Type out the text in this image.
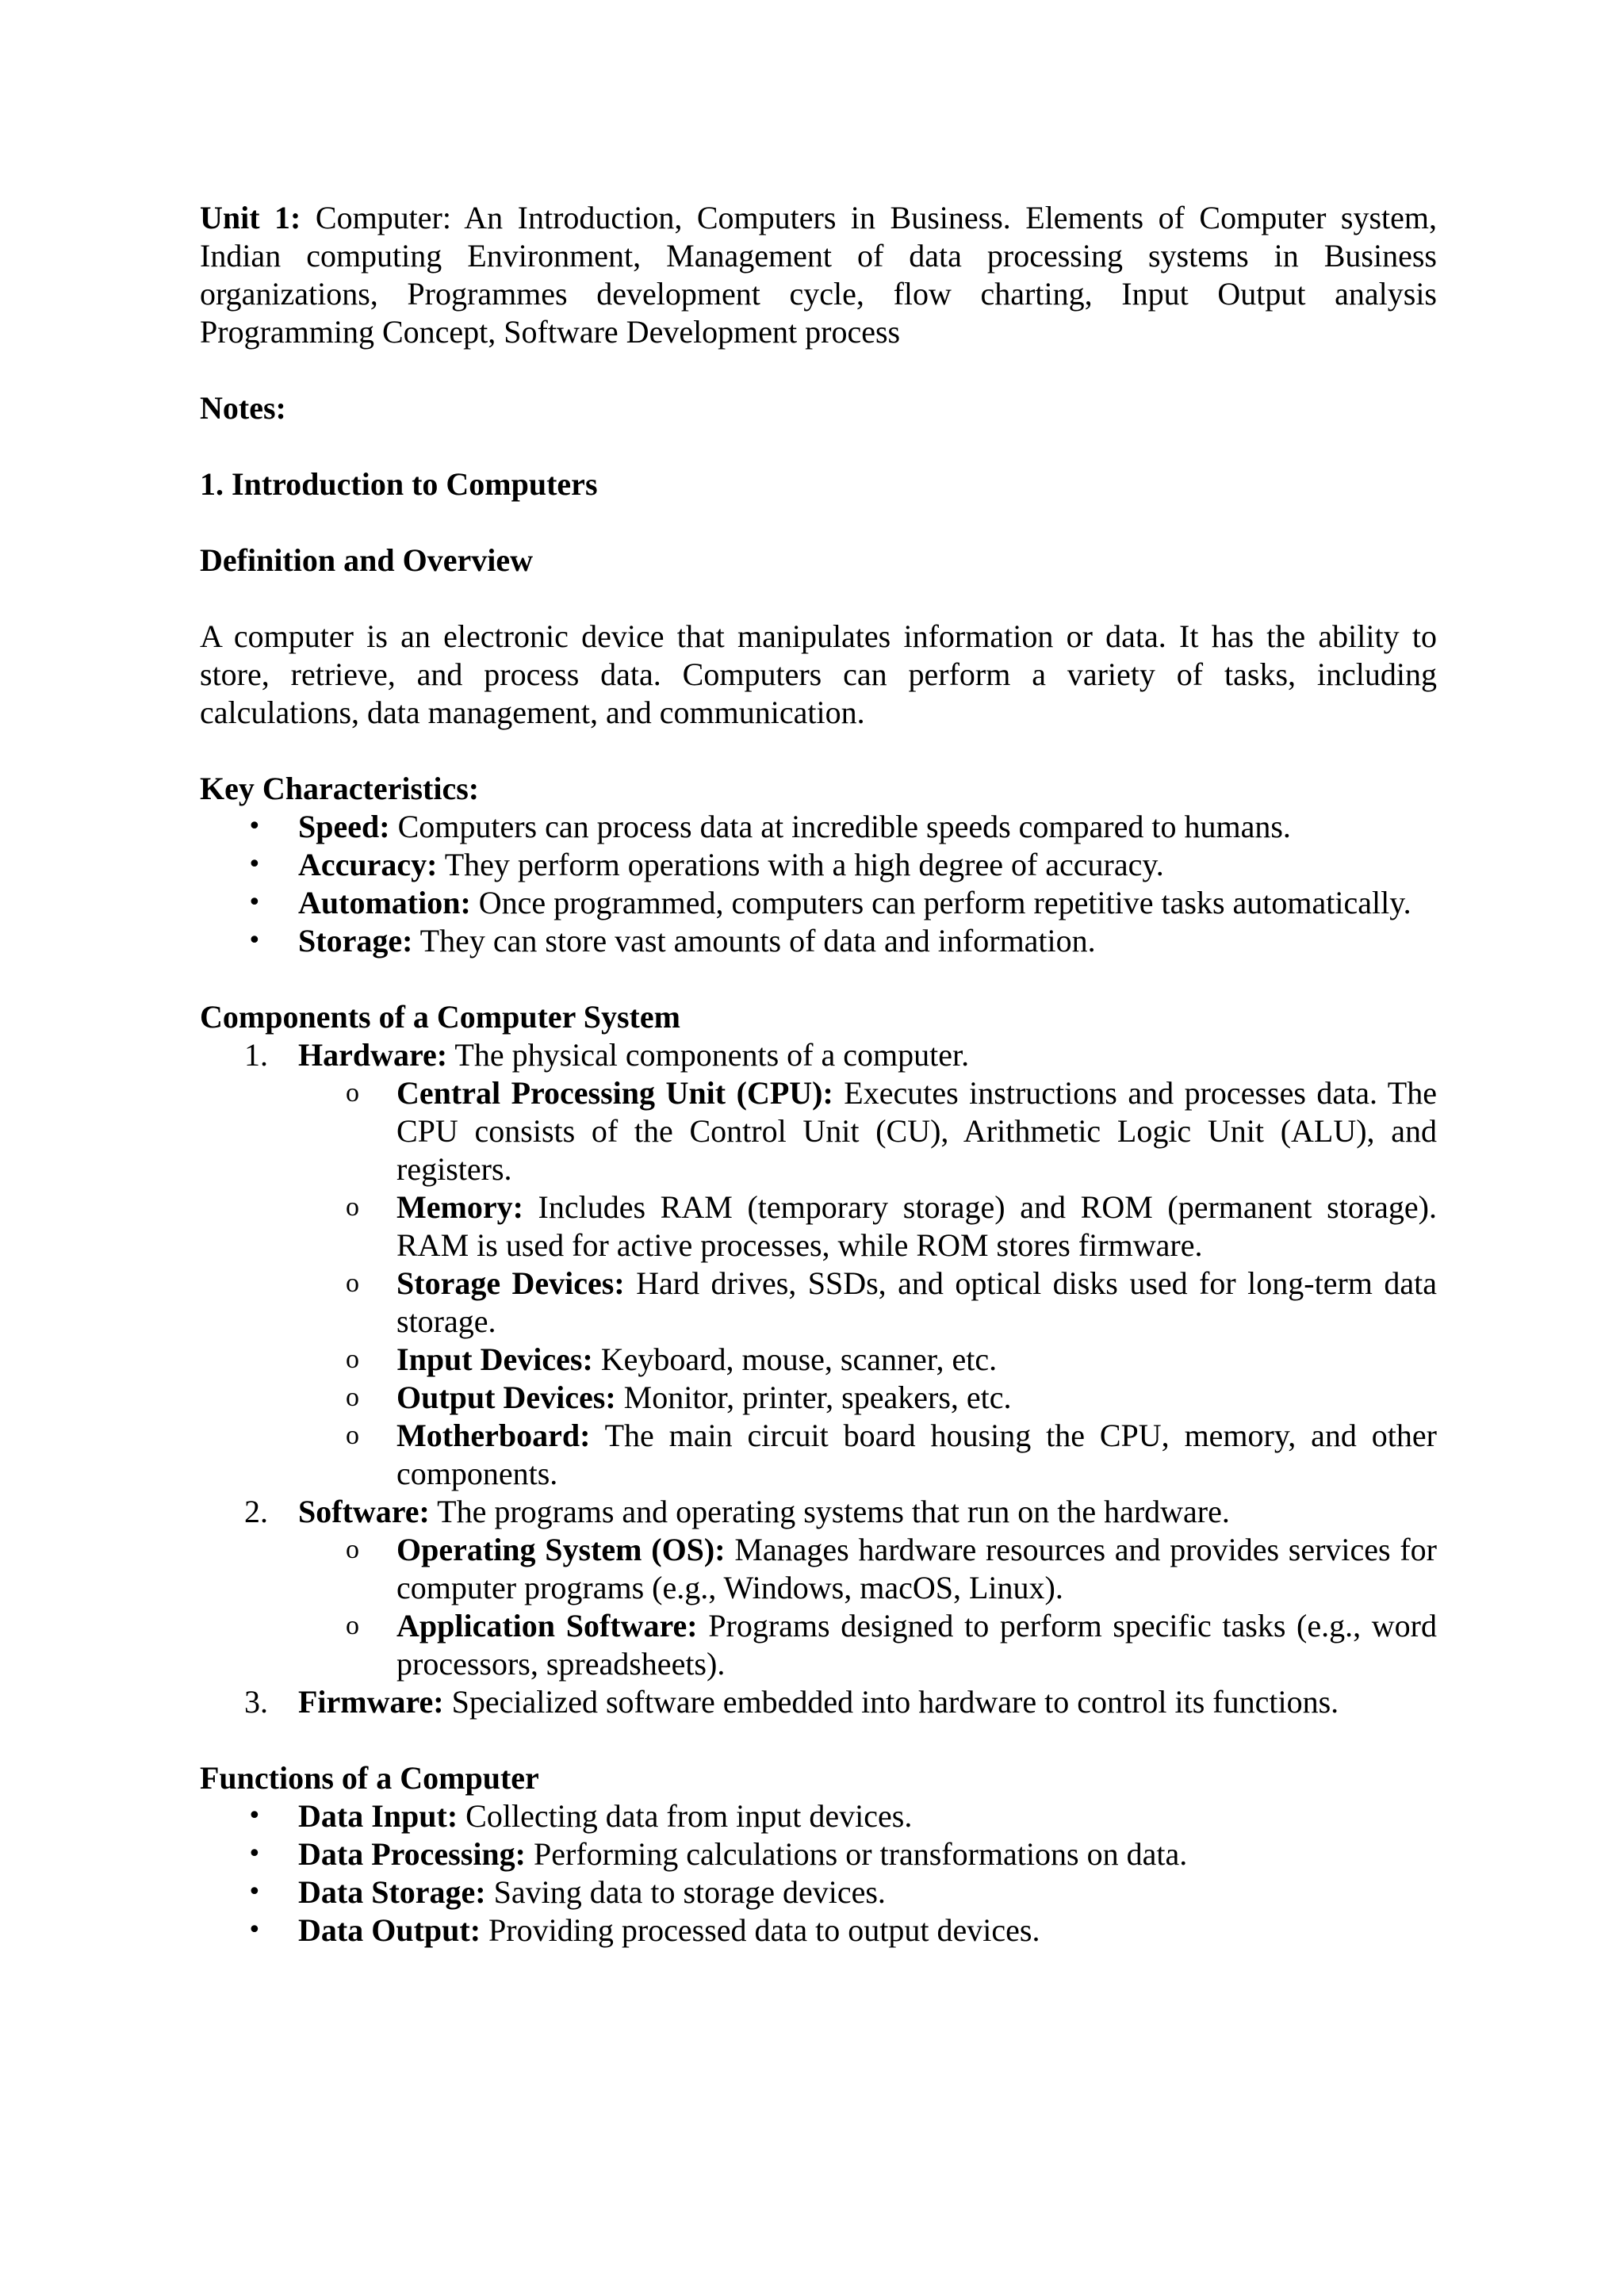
Unit 1: Computer: An Introduction, Computers in Business. Elements of Computer system, Indian computing Environment, Management of data processing systems in Business organizations, Programmes development cycle, flow charting, Input Output analysis Programming Concept, Software Development process

Notes:

1. Introduction to Computers

Definition and Overview

A computer is an electronic device that manipulates information or data. It has the ability to store, retrieve, and process data. Computers can perform a variety of tasks, including calculations, data management, and communication.

Key Characteristics:

• Speed: Computers can process data at incredible speeds compared to humans.
• Accuracy: They perform operations with a high degree of accuracy.
• Automation: Once programmed, computers can perform repetitive tasks automatically.
• Storage: They can store vast amounts of data and information.

Components of a Computer System

1. Hardware: The physical components of a computer.
o Central Processing Unit (CPU): Executes instructions and processes data. The CPU consists of the Control Unit (CU), Arithmetic Logic Unit (ALU), and registers.
o Memory: Includes RAM (temporary storage) and ROM (permanent storage). RAM is used for active processes, while ROM stores firmware.
o Storage Devices: Hard drives, SSDs, and optical disks used for long-term data storage.
o Input Devices: Keyboard, mouse, scanner, etc.
o Output Devices: Monitor, printer, speakers, etc.
o Motherboard: The main circuit board housing the CPU, memory, and other components.
2. Software: The programs and operating systems that run on the hardware.
o Operating System (OS): Manages hardware resources and provides services for computer programs (e.g., Windows, macOS, Linux).
o Application Software: Programs designed to perform specific tasks (e.g., word processors, spreadsheets).
3. Firmware: Specialized software embedded into hardware to control its functions.

Functions of a Computer

• Data Input: Collecting data from input devices.
• Data Processing: Performing calculations or transformations on data.
• Data Storage: Saving data to storage devices.
• Data Output: Providing processed data to output devices.
